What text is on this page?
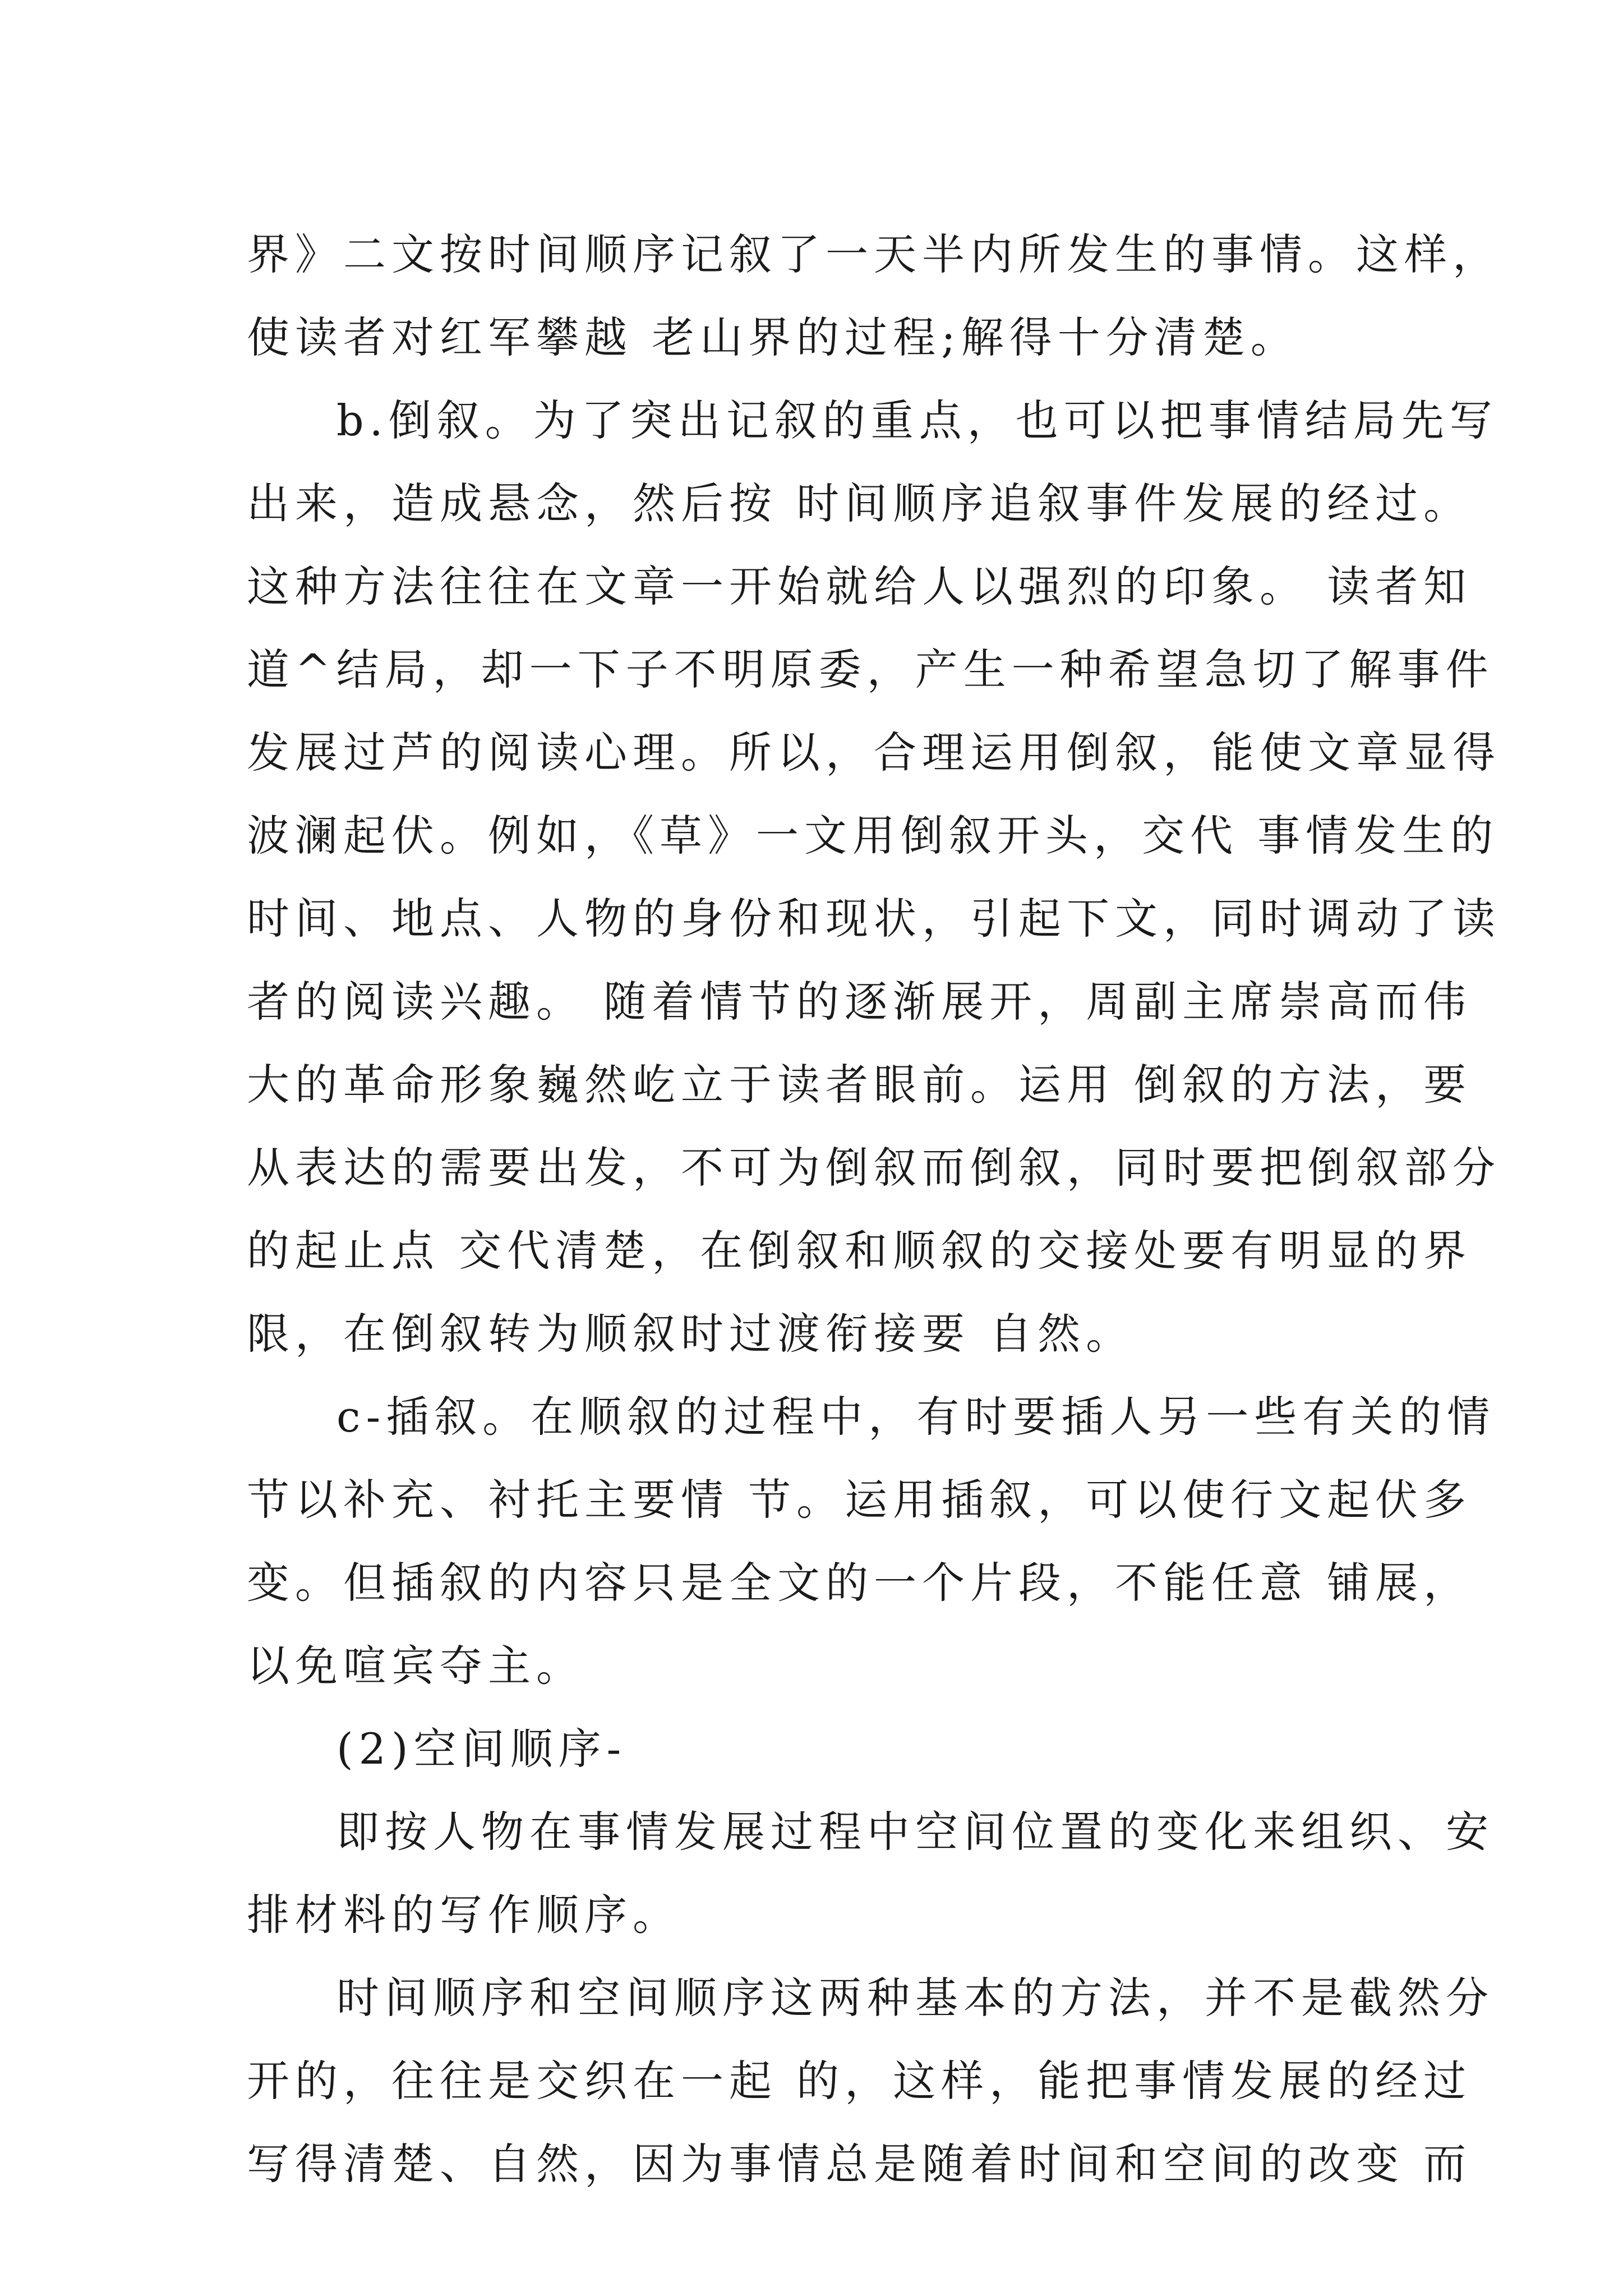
界》二文按时间顺序记叙了一天半内所发生的事情。这样，
使读者对红军攀越 老山界的过程;解得十分清楚。
b.倒叙。为了突出记叙的重点，也可以把事情结局先写
出来，造成悬念，然后按 时间顺序追叙事件发展的经过。
这种方法往往在文章一开始就给人以强烈的印象。 读者知
道^结局，却一下子不明原委，产生一种希望急切了解事件
发展过芦的阅读心理。所以，合理运用倒叙，能使文章显得
波澜起伏。例如，《草》一文用倒叙开头，交代 事情发生的
时间、地点、人物的身份和现状，引起下文，同时调动了读
者的阅读兴趣。 随着情节的逐渐展开，周副主席崇高而伟
大的革命形象巍然屹立于读者眼前。运用 倒叙的方法，要
从表达的需要出发，不可为倒叙而倒叙，同时要把倒叙部分
的起止点 交代清楚，在倒叙和顺叙的交接处要有明显的界
限，在倒叙转为顺叙时过渡衔接要 自然。
c-插叙。在顺叙的过程中，有时要插人另一些有关的情
节以补充、衬托主要情 节。运用插叙，可以使行文起伏多
变。但插叙的内容只是全文的一个片段，不能任意 铺展，
以免喧宾夺主。
(2)空间顺序-
即按人物在事情发展过程中空间位置的变化来组织、安
排材料的写作顺序。
时间顺序和空间顺序这两种基本的方法，并不是截然分
开的，往往是交织在一起 的，这样，能把事情发展的经过
写得清楚、自然，因为事情总是随着时间和空间的改变 而
